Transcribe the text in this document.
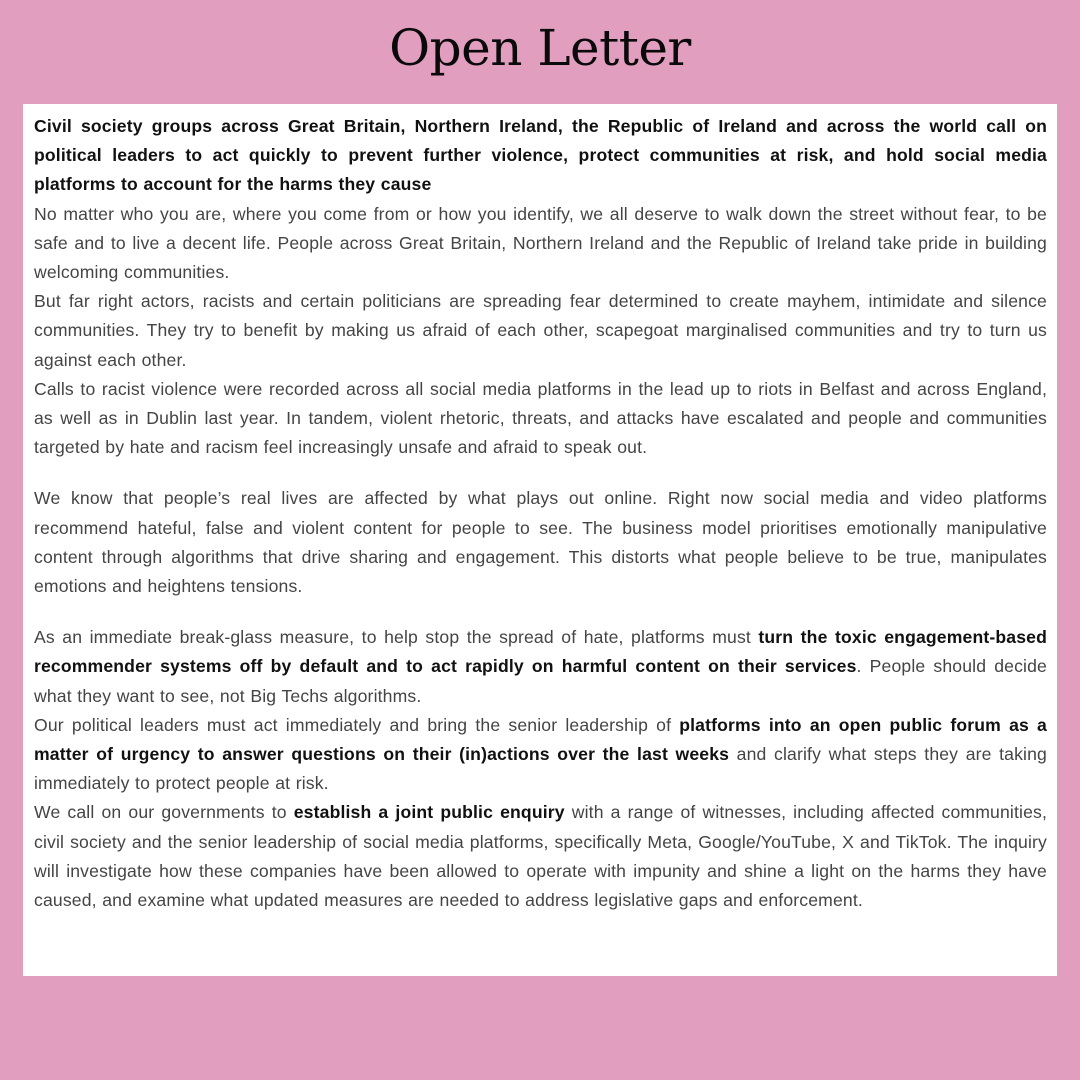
Open Letter

Civil society groups across Great Britain, Northern Ireland, the Republic of Ireland and across the world call on political leaders to act quickly to prevent further violence, protect communities at risk, and hold social media platforms to account for the harms they cause

No matter who you are, where you come from or how you identify, we all deserve to walk down the street without fear, to be safe and to live a decent life. People across Great Britain, Northern Ireland and the Republic of Ireland take pride in building welcoming communities.

But far right actors, racists and certain politicians are spreading fear determined to create mayhem, intimidate and silence communities. They try to benefit by making us afraid of each other, scapegoat marginalised communities and try to turn us against each other.

Calls to racist violence were recorded across all social media platforms in the lead up to riots in Belfast and across England, as well as in Dublin last year. In tandem, violent rhetoric, threats, and attacks have escalated and people and communities targeted by hate and racism feel increasingly unsafe and afraid to speak out.

We know that people’s real lives are affected by what plays out online. Right now social media and video platforms recommend hateful, false and violent content for people to see. The business model prioritises emotionally manipulative content through algorithms that drive sharing and engagement. This distorts what people believe to be true, manipulates emotions and heightens tensions.

As an immediate break-glass measure, to help stop the spread of hate, platforms must turn the toxic engagement-based recommender systems off by default and to act rapidly on harmful content on their services. People should decide what they want to see, not Big Techs algorithms.

Our political leaders must act immediately and bring the senior leadership of platforms into an open public forum as a matter of urgency to answer questions on their (in)actions over the last weeks and clarify what steps they are taking immediately to protect people at risk.

We call on our governments to establish a joint public enquiry with a range of witnesses, including affected communities, civil society and the senior leadership of social media platforms, specifically Meta, Google/YouTube, X and TikTok. The inquiry will investigate how these companies have been allowed to operate with impunity and shine a light on the harms they have caused, and examine what updated measures are needed to address legislative gaps and enforcement.
